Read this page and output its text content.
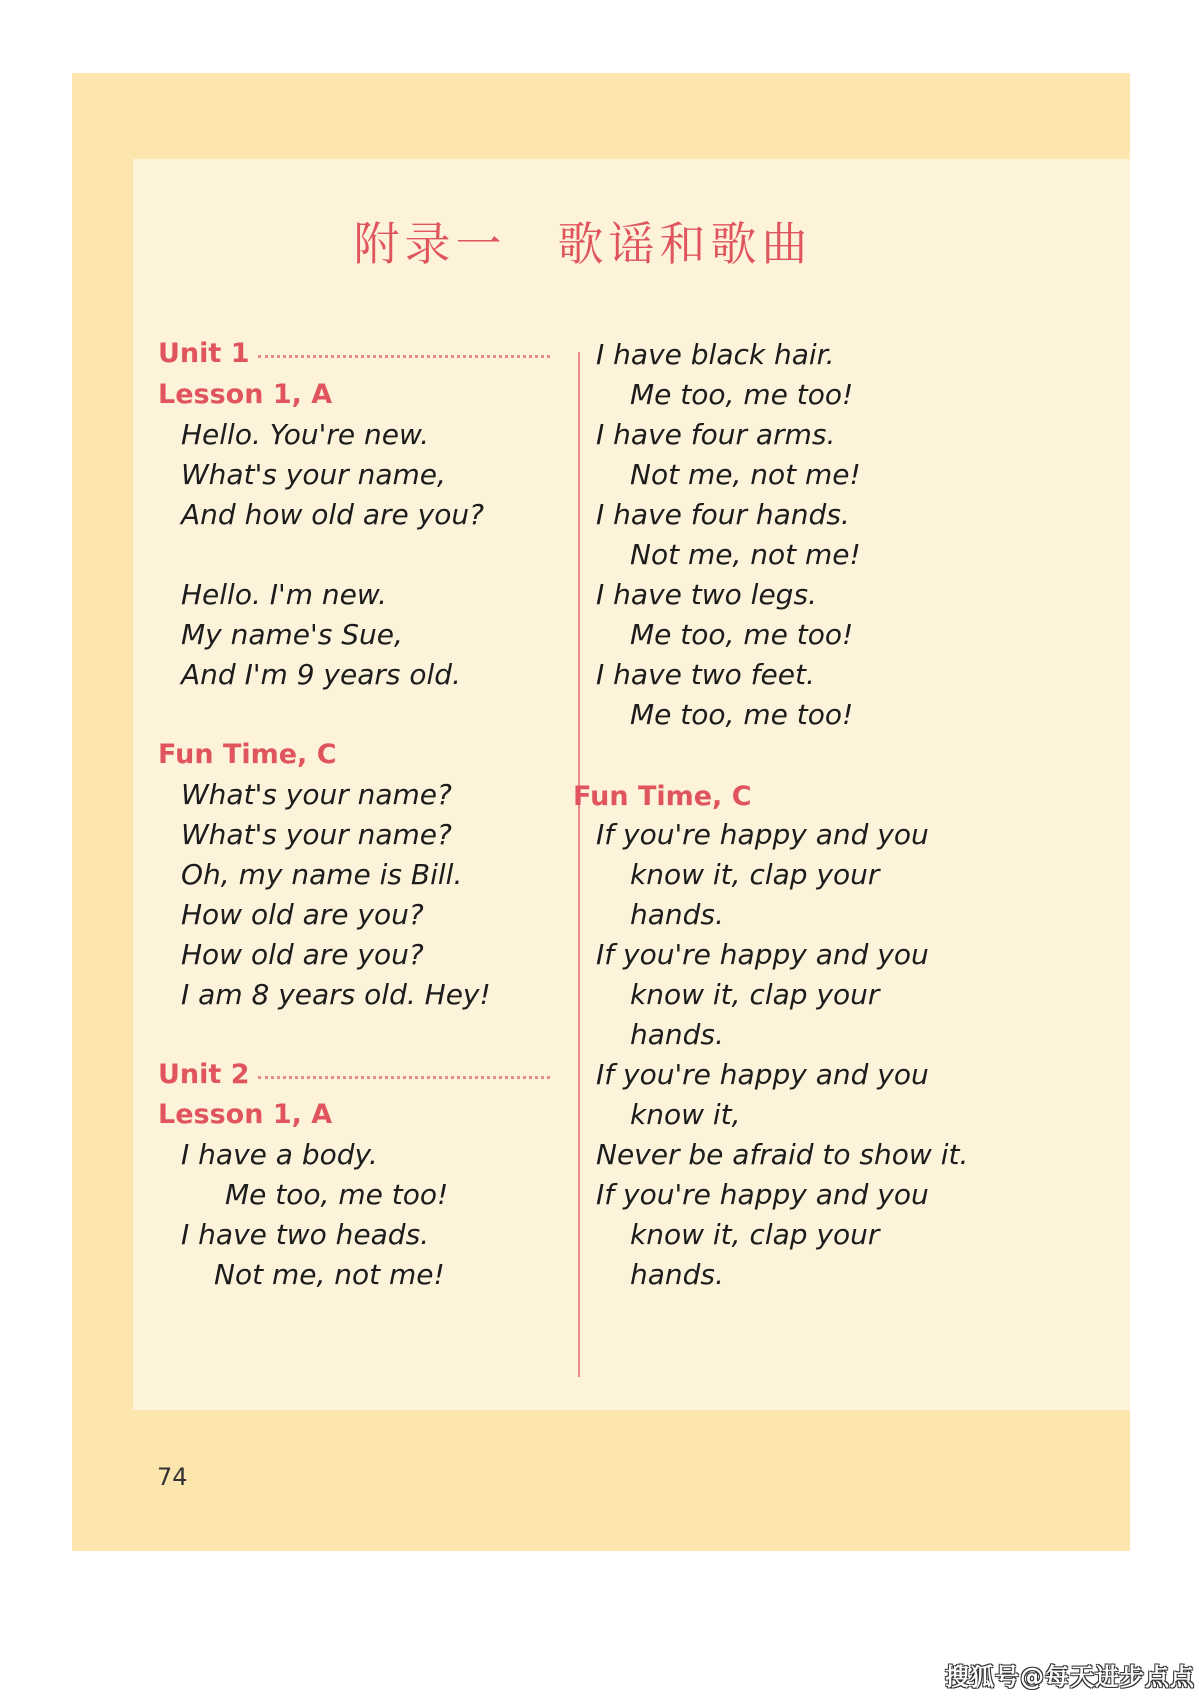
附录一　歌谣和歌曲
Unit 1
Lesson 1, A
Hello. You're new.
What's your name,
And how old are you?
Hello. I'm new.
My name's Sue,
And I'm 9 years old.
Fun Time, C
What's your name?
What's your name?
Oh, my name is Bill.
How old are you?
How old are you?
I am 8 years old. Hey!
Unit 2
Lesson 1, A
I have a body.
Me too, me too!
I have two heads.
Not me, not me!
I have black hair.
Me too, me too!
I have four arms.
Not me, not me!
I have four hands.
Not me, not me!
I have two legs.
Me too, me too!
I have two feet.
Me too, me too!
Fun Time, C
If you're happy and you
know it, clap your
hands.
If you're happy and you
know it, clap your
hands.
If you're happy and you
know it,
Never be afraid to show it.
If you're happy and you
know it, clap your
hands.
74
搜狐号@每天进步点点
